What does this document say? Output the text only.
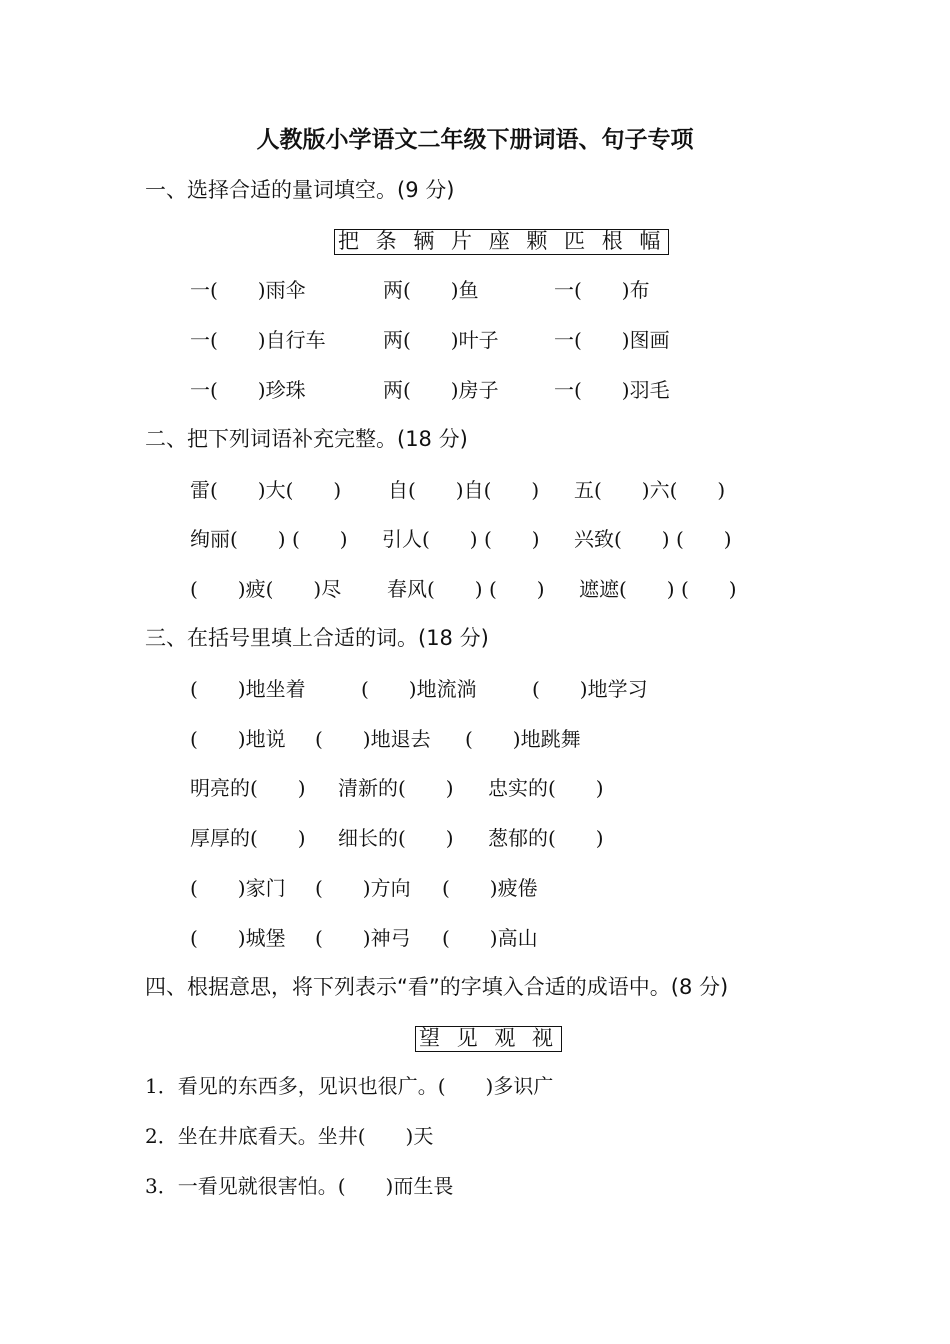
人教版小学语文二年级下册词语、句子专项
一、选择合适的量词填空。(9 分)
把 条 辆 片 座 颗 匹 根 幅
一(　　)雨伞	两(　　)鱼	一(　　)布
一(　　)自行车	两(　　)叶子	一(　　)图画
一(　　)珍珠	两(　　)房子	一(　　)羽毛
二、把下列词语补充完整。(18 分)
雷(　　)大(　　) 自(　　)自(　　) 五(　　)六(　　)
绚丽(　　) (　　) 引人(　　) (　　) 兴致(　　) (　　)
(　　)疲(　　)尽 春风(　　) (　　) 遮遮(　　) (　　)
三、在括号里填上合适的词。(18 分)
(　　)地坐着	(　　)地流淌	(　　)地学习
(　　)地说 (　　)地退去 (　　)地跳舞
明亮的(　　) 清新的(　　) 忠实的(　　)
厚厚的(　　) 细长的(　　) 葱郁的(　　)
(　　)家门 (　　)方向 (　　)疲倦
(　　)城堡 (　　)神弓 (　　)高山
四、根据意思，将下列表示“看”的字填入合适的成语中。(8 分)
望 见 观 视
1．看见的东西多，见识也很广。(　　)多识广
2．坐在井底看天。坐井(　　)天
3．一看见就很害怕。(　　)而生畏
